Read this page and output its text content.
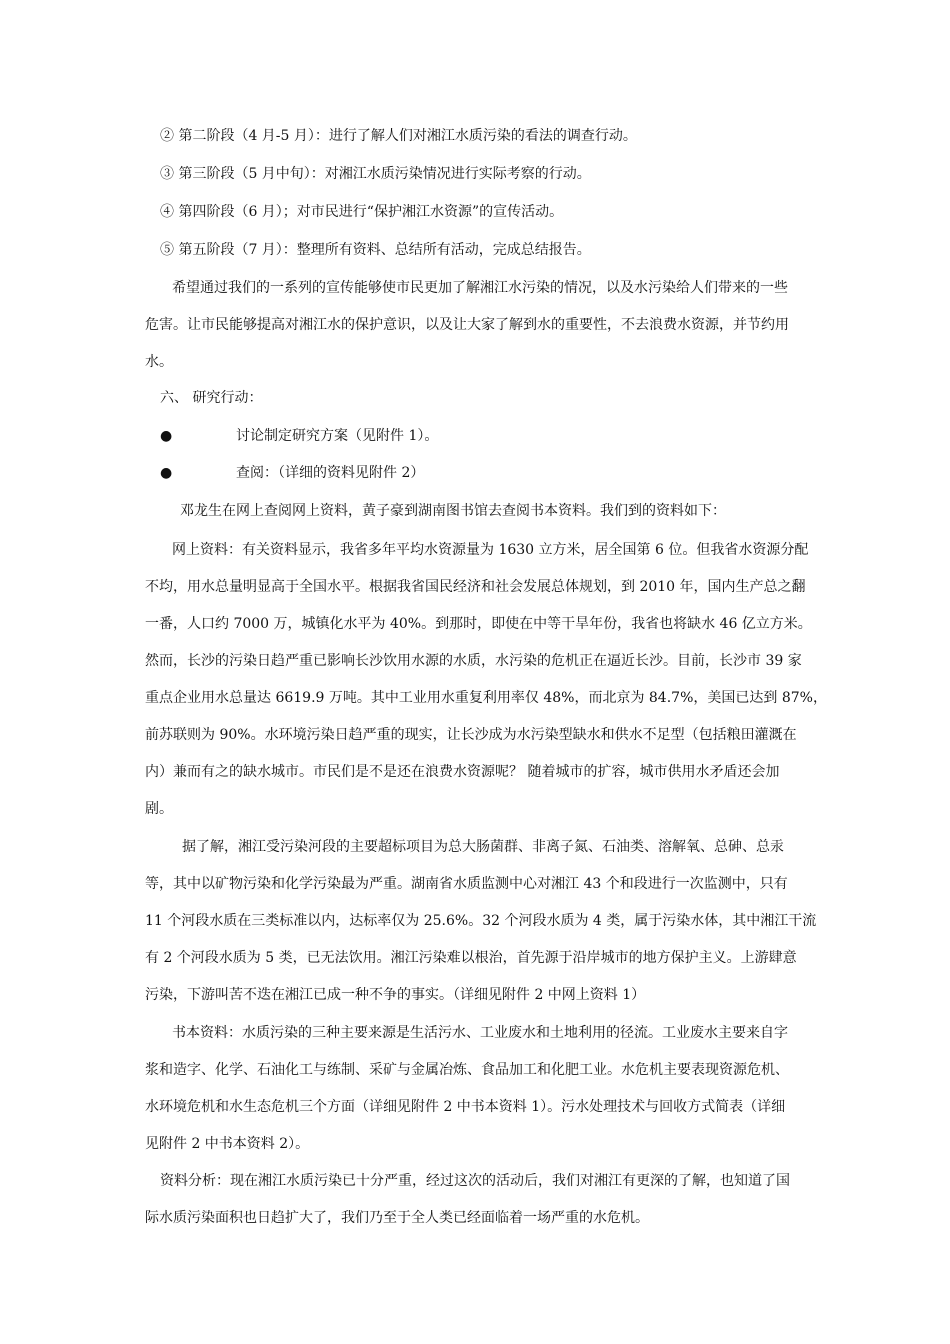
② 第二阶段（4 月-5 月）：进行了解人们对湘江水质污染的看法的调查行动。
③ 第三阶段（5 月中旬）：对湘江水质污染情况进行实际考察的行动。
④ 第四阶段（6 月）；对市民进行“保护湘江水资源”的宣传活动。
⑤ 第五阶段（7 月）：整理所有资料、总结所有活动，完成总结报告。
希望通过我们的一系列的宣传能够使市民更加了解湘江水污染的情况，以及水污染给人们带来的一些
危害。让市民能够提高对湘江水的保护意识，以及让大家了解到水的重要性，不去浪费水资源，并节约用
水。
六、 研究行动：
●	讨论制定研究方案（见附件 1）。
●	查阅：（详细的资料见附件 2）
邓龙生在网上查阅网上资料，黄子豪到湖南图书馆去查阅书本资料。我们到的资料如下：
网上资料：有关资料显示，我省多年平均水资源量为 1630 立方米，居全国第 6 位。但我省水资源分配
不均，用水总量明显高于全国水平。根据我省国民经济和社会发展总体规划，到 2010 年，国内生产总之翻
一番，人口约 7000 万，城镇化水平为 40%。到那时，即使在中等干旱年份，我省也将缺水 46 亿立方米。
然而，长沙的污染日趋严重已影响长沙饮用水源的水质，水污染的危机正在逼近长沙。目前，长沙市 39 家
重点企业用水总量达 6619.9 万吨。其中工业用水重复利用率仅 48%，而北京为 84.7%，美国已达到 87%，
前苏联则为 90%。水环境污染日趋严重的现实，让长沙成为水污染型缺水和供水不足型（包括粮田灌溉在
内）兼而有之的缺水城市。市民们是不是还在浪费水资源呢？ 随着城市的扩容，城市供用水矛盾还会加
剧。
据了解，湘江受污染河段的主要超标项目为总大肠菌群、非离子氮、石油类、溶解氧、总砷、总汞
等，其中以矿物污染和化学污染最为严重。湖南省水质监测中心对湘江 43 个和段进行一次监测中，只有
11 个河段水质在三类标准以内，达标率仅为 25.6%。32 个河段水质为 4 类，属于污染水体，其中湘江干流
有 2 个河段水质为 5 类，已无法饮用。湘江污染难以根治，首先源于沿岸城市的地方保护主义。上游肆意
污染，下游叫苦不迭在湘江已成一种不争的事实。（详细见附件 2 中网上资料 1）
书本资料：水质污染的三种主要来源是生活污水、工业废水和土地利用的径流。工业废水主要来自字
浆和造字、化学、石油化工与练制、采矿与金属冶炼、食品加工和化肥工业。水危机主要表现资源危机、
水环境危机和水生态危机三个方面（详细见附件 2 中书本资料 1）。污水处理技术与回收方式简表（详细
见附件 2 中书本资料 2）。
资料分析：现在湘江水质污染已十分严重，经过这次的活动后，我们对湘江有更深的了解，也知道了国
际水质污染面积也日趋扩大了，我们乃至于全人类已经面临着一场严重的水危机。
